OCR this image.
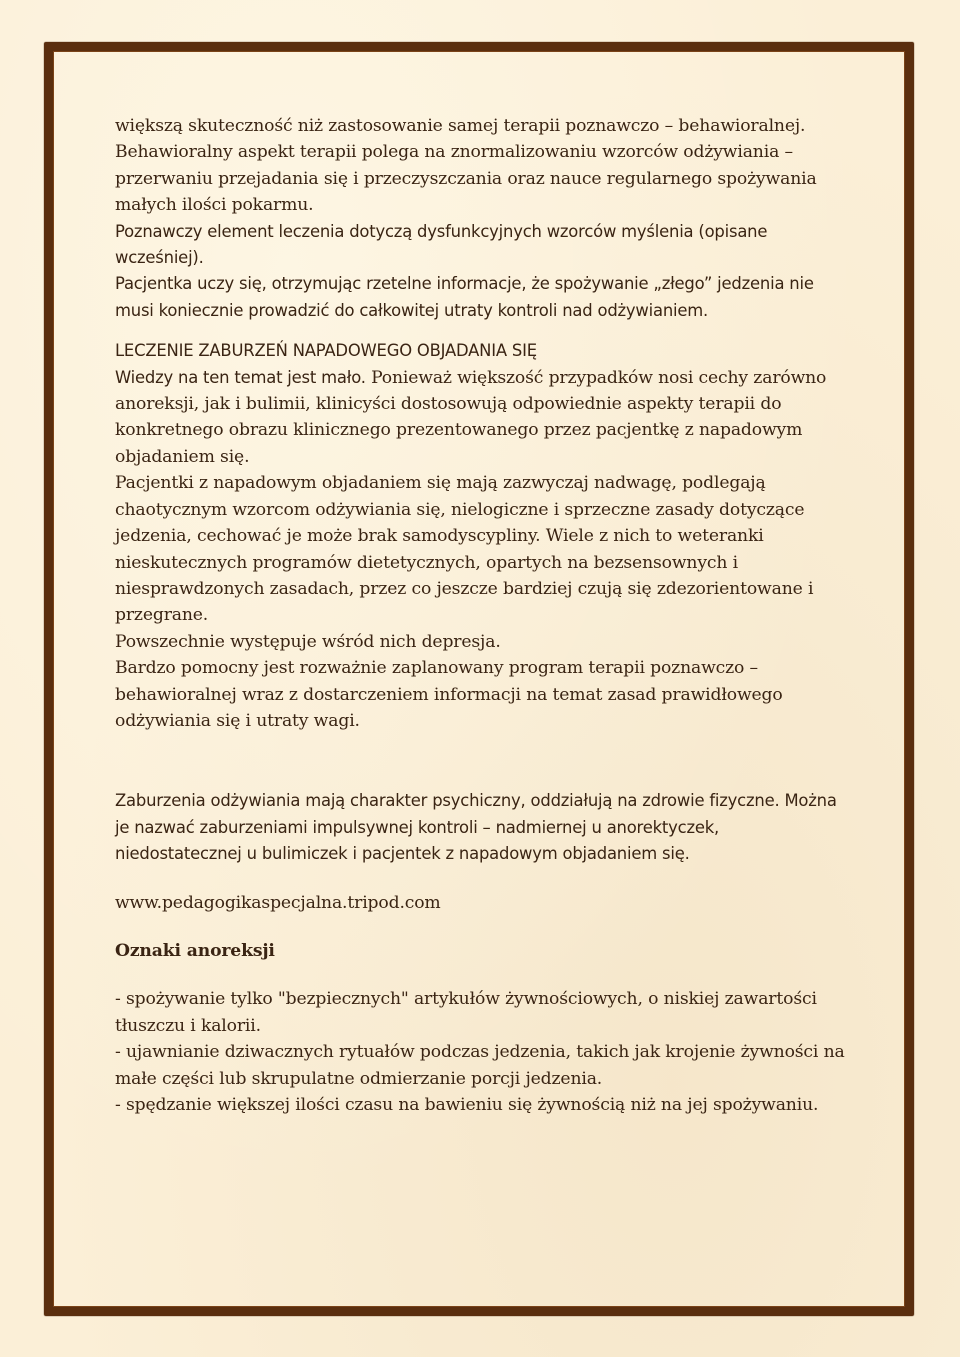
większą skuteczność niż zastosowanie samej terapii poznawczo – behawioralnej.

Behawioralny aspekt terapii polega na znormalizowaniu wzorców odżywiania – przerwaniu przejadania się i przeczyszczania oraz nauce regularnego spożywania małych ilości pokarmu.

Poznawczy element leczenia dotyczą dysfunkcyjnych wzorców myślenia (opisane wcześniej).

Pacjentka uczy się, otrzymując rzetelne informacje, że spożywanie „złego” jedzenia nie musi koniecznie prowadzić do całkowitej utraty kontroli nad odżywianiem.

LECZENIE ZABURZEŃ NAPADOWEGO OBJADANIA SIĘ

Wiedzy na ten temat jest mało. Ponieważ większość przypadków nosi cechy zarówno anoreksji, jak i bulimii, klinicyści dostosowują odpowiednie aspekty terapii do konkretnego obrazu klinicznego prezentowanego przez pacjentkę z napadowym objadaniem się.

Pacjentki z napadowym objadaniem się mają zazwyczaj nadwagę, podlegają chaotycznym wzorcom odżywiania się, nielogiczne i sprzeczne zasady dotyczące jedzenia, cechować je może brak samodyscypliny. Wiele z nich to weteranki nieskutecznych programów dietetycznych, opartych na bezsensownych i niesprawdzonych zasadach, przez co jeszcze bardziej czują się zdezorientowane i przegrane.

Powszechnie występuje wśród nich depresja.

Bardzo pomocny jest rozważnie zaplanowany program terapii poznawczo – behawioralnej wraz z dostarczeniem informacji na temat zasad prawidłowego odżywiania się i utraty wagi.

Zaburzenia odżywiania mają charakter psychiczny, oddziałują na zdrowie fizyczne. Można je nazwać zaburzeniami impulsywnej kontroli – nadmiernej u anorektyczek, niedostatecznej u bulimiczek i pacjentek z napadowym objadaniem się.

www.pedagogikaspecjalna.tripod.com

Oznaki anoreksji

- spożywanie tylko "bezpiecznych" artykułów żywnościowych, o niskiej zawartości tłuszczu i kalorii.

- ujawnianie dziwacznych rytuałów podczas jedzenia, takich jak krojenie żywności na małe części lub skrupulatne odmierzanie porcji jedzenia.

- spędzanie większej ilości czasu na bawieniu się żywnością niż na jej spożywaniu.
